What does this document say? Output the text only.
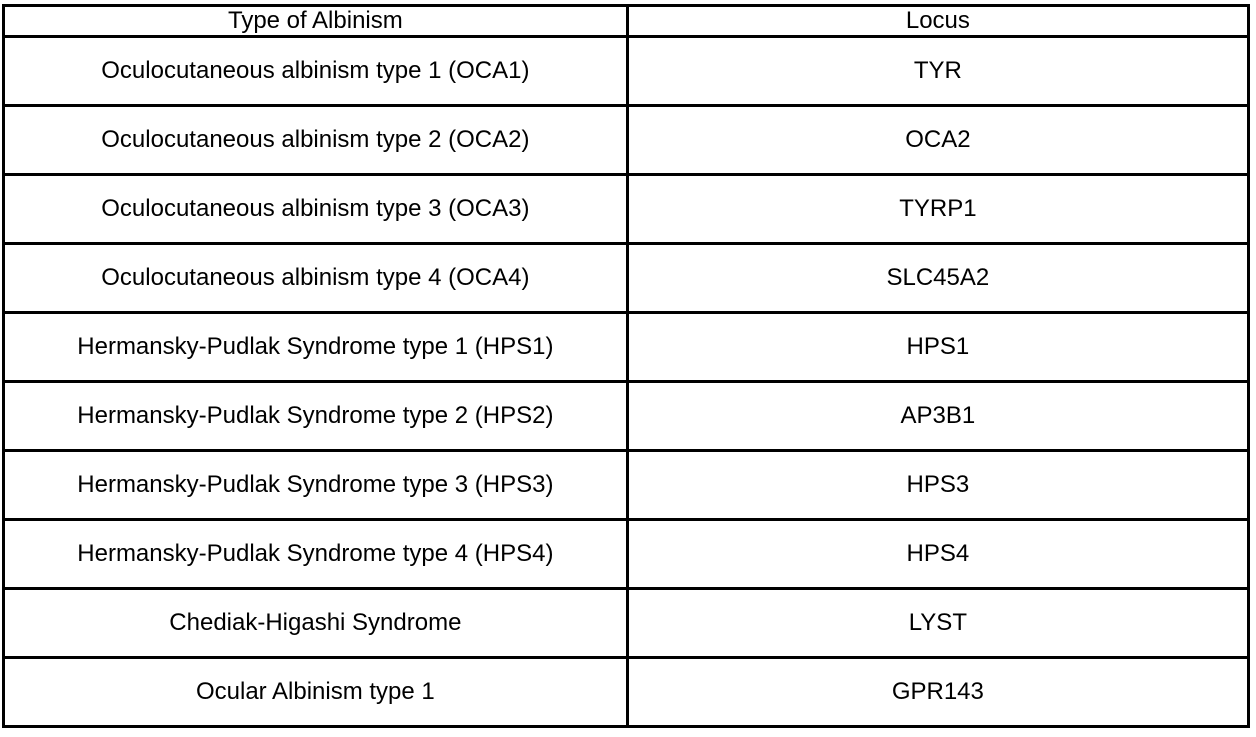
Type of Albinism	Locus
Oculocutaneous albinism type 1 (OCA1)	TYR
Oculocutaneous albinism type 2 (OCA2)	OCA2
Oculocutaneous albinism type 3 (OCA3)	TYRP1
Oculocutaneous albinism type 4 (OCA4)	SLC45A2
Hermansky-Pudlak Syndrome type 1 (HPS1)	HPS1
Hermansky-Pudlak Syndrome type 2 (HPS2)	AP3B1
Hermansky-Pudlak Syndrome type 3 (HPS3)	HPS3
Hermansky-Pudlak Syndrome type 4 (HPS4)	HPS4
Chediak-Higashi Syndrome	LYST
Ocular Albinism type 1	GPR143
